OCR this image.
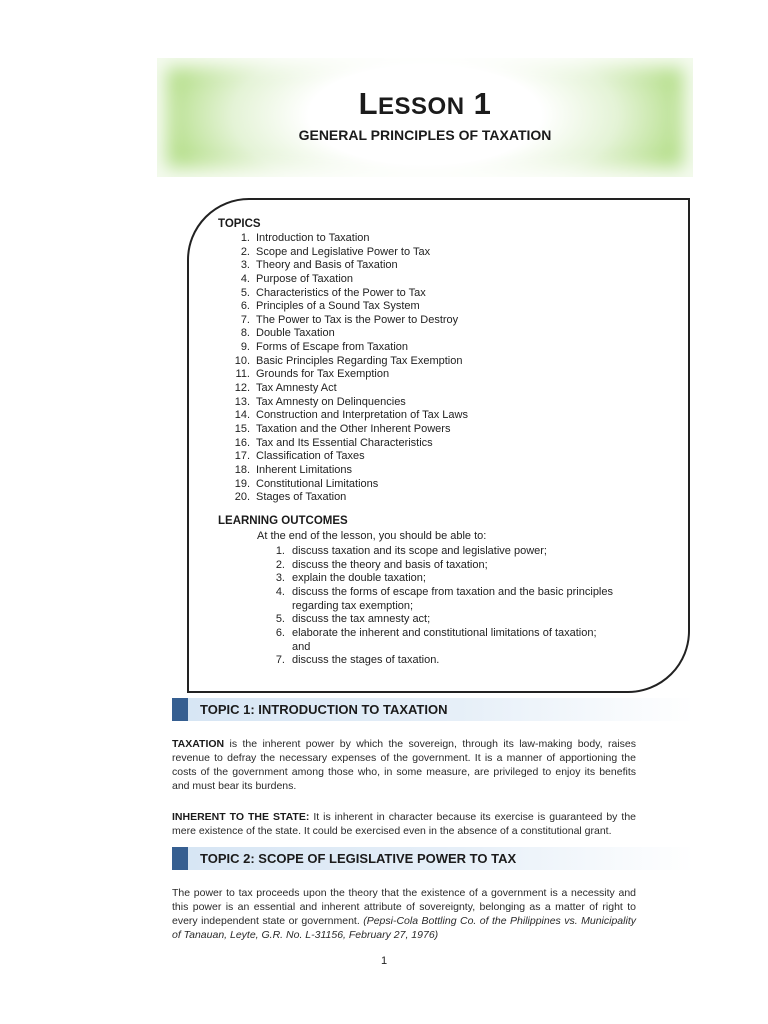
LESSON 1
GENERAL PRINCIPLES OF TAXATION
TOPICS
1. Introduction to Taxation
2. Scope and Legislative Power to Tax
3. Theory and Basis of Taxation
4. Purpose of Taxation
5. Characteristics of the Power to Tax
6. Principles of a Sound Tax System
7. The Power to Tax is the Power to Destroy
8. Double Taxation
9. Forms of Escape from Taxation
10. Basic Principles Regarding Tax Exemption
11. Grounds for Tax Exemption
12. Tax Amnesty Act
13. Tax Amnesty on Delinquencies
14. Construction and Interpretation of Tax Laws
15. Taxation and the Other Inherent Powers
16. Tax and Its Essential Characteristics
17. Classification of Taxes
18. Inherent Limitations
19. Constitutional Limitations
20. Stages of Taxation
LEARNING OUTCOMES
At the end of the lesson, you should be able to:
1. discuss taxation and its scope and legislative power;
2. discuss the theory and basis of taxation;
3. explain the double taxation;
4. discuss the forms of escape from taxation and the basic principles regarding tax exemption;
5. discuss the tax amnesty act;
6. elaborate the inherent and constitutional limitations of taxation; and
7. discuss the stages of taxation.
TOPIC 1: INTRODUCTION TO TAXATION
TAXATION is the inherent power by which the sovereign, through its law-making body, raises revenue to defray the necessary expenses of the government. It is a manner of apportioning the costs of the government among those who, in some measure, are privileged to enjoy its benefits and must bear its burdens.
INHERENT TO THE STATE: It is inherent in character because its exercise is guaranteed by the mere existence of the state. It could be exercised even in the absence of a constitutional grant.
TOPIC 2: SCOPE OF LEGISLATIVE POWER TO TAX
The power to tax proceeds upon the theory that the existence of a government is a necessity and this power is an essential and inherent attribute of sovereignty, belonging as a matter of right to every independent state or government. (Pepsi-Cola Bottling Co. of the Philippines vs. Municipality of Tanauan, Leyte, G.R. No. L-31156, February 27, 1976)
1
